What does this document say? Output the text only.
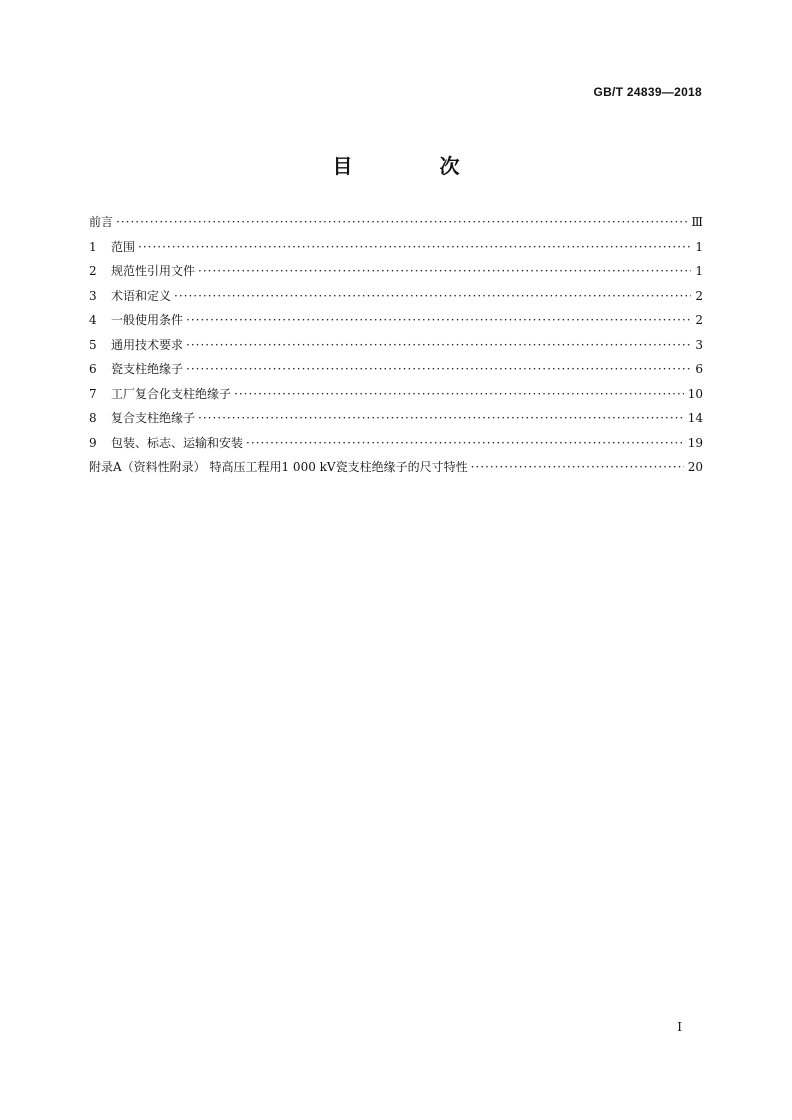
GB/T 24839—2018
目 次
前言 ·····	Ⅲ
1	范围 ·····	1
2	规范性引用文件 ·····	1
3	术语和定义 ·····	2
4	一般使用条件 ·····	2
5	通用技术要求 ·····	3
6	瓷支柱绝缘子 ·····	6
7	工厂复合化支柱绝缘子 ·····	10
8	复合支柱绝缘子 ·····	14
9	包装、标志、运输和安装 ·····	19
附录A（资料性附录） 特高压工程用1 000 kV瓷支柱绝缘子的尺寸特性 ·····	20
I
